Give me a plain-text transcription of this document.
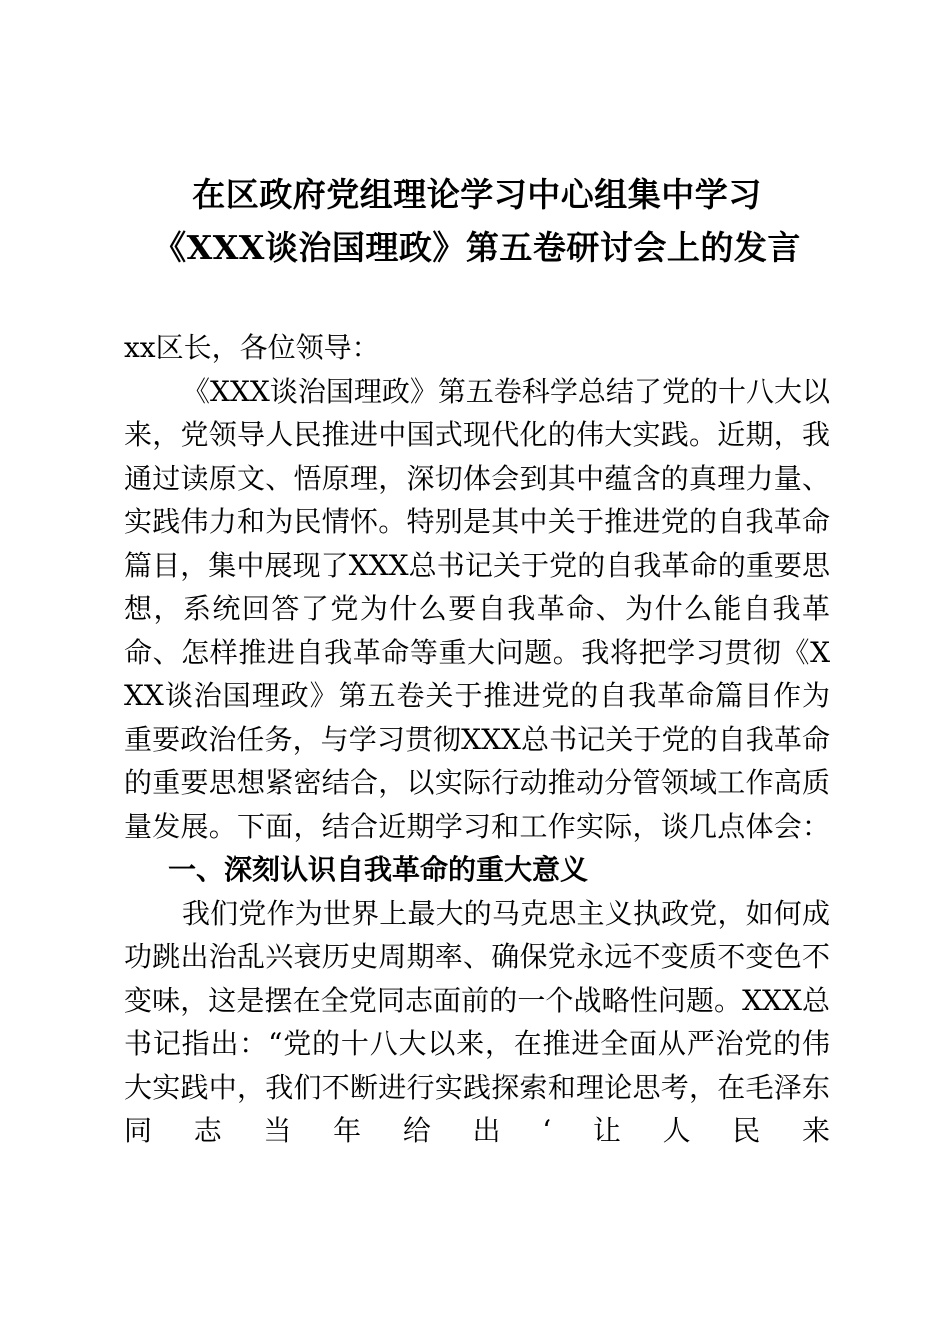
在区政府党组理论学习中心组集中学习
《XXX谈治国理政》第五卷研讨会上的发言

xx区长，各位领导：

《XXX谈治国理政》第五卷科学总结了党的十八大以来，党领导人民推进中国式现代化的伟大实践。近期，我通过读原文、悟原理，深切体会到其中蕴含的真理力量、实践伟力和为民情怀。特别是其中关于推进党的自我革命篇目，集中展现了XXX总书记关于党的自我革命的重要思想，系统回答了党为什么要自我革命、为什么能自我革命、怎样推进自我革命等重大问题。我将把学习贯彻《XXX谈治国理政》第五卷关于推进党的自我革命篇目作为重要政治任务，与学习贯彻XXX总书记关于党的自我革命的重要思想紧密结合，以实际行动推动分管领域工作高质量发展。下面，结合近期学习和工作实际，谈几点体会：

一、深刻认识自我革命的重大意义

我们党作为世界上最大的马克思主义执政党，如何成功跳出治乱兴衰历史周期率、确保党永远不变质不变色不变味，这是摆在全党同志面前的一个战略性问题。XXX总书记指出：“党的十八大以来，在推进全面从严治党的伟大实践中，我们不断进行实践探索和理论思考，在毛泽东同志当年给出‘让人民来
